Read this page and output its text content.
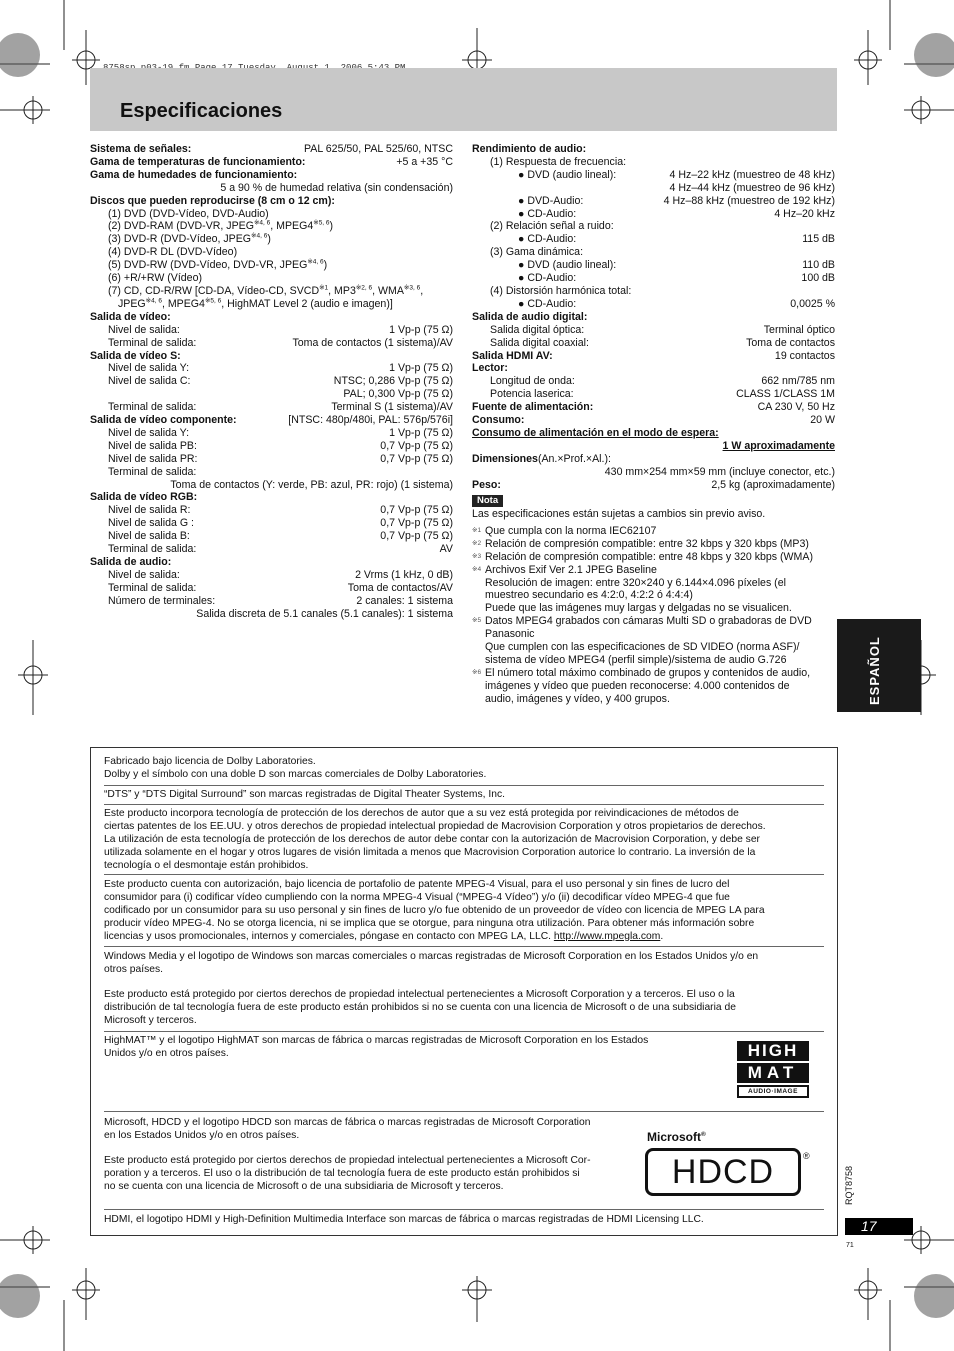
Especificaciones
Sistema de señales:	PAL 625/50, PAL 525/60, NTSC
Gama de temperaturas de funcionamiento:	+5 a +35 °C
Gama de humedades de funcionamiento:
5 a 90 % de humedad relativa (sin condensación)
Discos que pueden reproducirse (8 cm o 12 cm):
(1) DVD (DVD-Vídeo, DVD-Audio)
(2) DVD-RAM (DVD-VR, JPEG$^{※4, 6}$, MPEG4$^{※5, 6}$)
(3) DVD-R (DVD-Vídeo, JPEG$^{※4, 6}$)
(4) DVD-R DL (DVD-Vídeo)
(5) DVD-RW (DVD-Vídeo, DVD-VR, JPEG$^{※4, 6}$)
(6) +R/+RW (Vídeo)
(7) CD, CD-R/RW [CD-DA, Vídeo-CD, SVCD$^{※1}$, MP3$^{※2, 6}$, WMA$^{※3, 6}$,
JPEG$^{※4, 6}$, MPEG4$^{※5, 6}$, HighMAT Level 2 (audio e imagen)]
Salida de vídeo:
Nivel de salida:	1 Vp-p (75 Ω)
Terminal de salida:	Toma de contactos (1 sistema)/AV
Salida de vídeo S:
Nivel de salida Y:	1 Vp-p (75 Ω)
Nivel de salida C:	NTSC; 0,286 Vp-p (75 Ω)
PAL; 0,300 Vp-p (75 Ω)
Terminal de salida:	Terminal S (1 sistema)/AV
Salida de vídeo componente:	[NTSC: 480p/480i, PAL: 576p/576i]
Nivel de salida Y:	1 Vp-p (75 Ω)
Nivel de salida PB:	0,7 Vp-p (75 Ω)
Nivel de salida PR:	0,7 Vp-p (75 Ω)
Terminal de salida:
Toma de contactos (Y: verde, PB: azul, PR: rojo) (1 sistema)
Salida de vídeo RGB:
Nivel de salida R:	0,7 Vp-p (75 Ω)
Nivel de salida G :	0,7 Vp-p (75 Ω)
Nivel de salida B:	0,7 Vp-p (75 Ω)
Terminal de salida:	AV
Salida de audio:
Nivel de salida:	2 Vrms (1 kHz, 0 dB)
Terminal de salida:	Toma de contactos/AV
Número de terminales:	2 canales: 1 sistema
Salida discreta de 5.1 canales (5.1 canales): 1 sistema
Rendimiento de audio:
(1) Respuesta de frecuencia:
● DVD (audio lineal):	4 Hz–22 kHz (muestreo de 48 kHz)
4 Hz–44 kHz (muestreo de 96 kHz)
● DVD-Audio:	4 Hz–88 kHz (muestreo de 192 kHz)
● CD-Audio:	4 Hz–20 kHz
(2) Relación señal a ruido:
● CD-Audio:	115 dB
(3) Gama dinámica:
● DVD (audio lineal):	110 dB
● CD-Audio:	100 dB
(4) Distorsión harmónica total:
● CD-Audio:	0,0025 %
Salida de audio digital:
Salida digital óptica:	Terminal óptico
Salida digital coaxial:	Toma de contactos
Salida HDMI AV:	19 contactos
Lector:
Longitud de onda:	662 nm/785 nm
Potencia laserica:	CLASS 1/CLASS 1M
Fuente de alimentación:	CA 230 V, 50 Hz
Consumo:	20 W
Consumo de alimentación en el modo de espera:
1 W aproximadamente
Dimensiones (An.×Prof.×Al.):
430 mm×254 mm×59 mm (incluye conector, etc.)
Peso:	2,5 kg (aproximadamente)
Nota
Las especificaciones están sujetas a cambios sin previo aviso.
※1 Que cumpla con la norma IEC62107
※2 Relación de compresión compatible: entre 32 kbps y 320 kbps (MP3)
※3 Relación de compresión compatible: entre 48 kbps y 320 kbps (WMA)
※4 Archivos Exif Ver 2.1 JPEG Baseline
Resolución de imagen: entre 320×240 y 6.144×4.096 píxeles (el
muestreo secundario es 4:2:0, 4:2:2 ó 4:4:4)
Puede que las imágenes muy largas y delgadas no se visualicen.
※5 Datos MPEG4 grabados con cámaras Multi SD o grabadoras de DVD
Panasonic
Que cumplen con las especificaciones de SD VIDEO (norma ASF)/
sistema de vídeo MPEG4 (perfil simple)/sistema de audio G.726
※6 El número total máximo combinado de grupos y contenidos de audio,
imágenes y vídeo que pueden reconocerse: 4.000 contenidos de
audio, imágenes y vídeo, y 400 grupos.	ESPAÑOL
Fabricado bajo licencia de Dolby Laboratories.
Dolby y el símbolo con una doble D son marcas comerciales de Dolby Laboratories.
“DTS” y “DTS Digital Surround” son marcas registradas de Digital Theater Systems, Inc.
Este producto incorpora tecnología de protección de los derechos de autor que a su vez está protegida por reivindicaciones de métodos de
ciertas patentes de los EE.UU. y otros derechos de propiedad intelectual propiedad de Macrovision Corporation y otros propietarios de derechos.
La utilización de esta tecnología de protección de los derechos de autor debe contar con la autorización de Macrovision Corporation, y debe ser
utilizada solamente en el hogar y otros lugares de visión limitada a menos que Macrovision Corporation autorice lo contrario. La inversión de la
tecnología o el desmontaje están prohibidos.
Este producto cuenta con autorización, bajo licencia de portafolio de patente MPEG-4 Visual, para el uso personal y sin fines de lucro del
consumidor para (i) codificar vídeo cumpliendo con la norma MPEG-4 Visual (“MPEG-4 Vídeo”) y/o (ii) decodificar vídeo MPEG-4 que fue
codificado por un consumidor para su uso personal y sin fines de lucro y/o fue obtenido de un proveedor de vídeo con licencia de MPEG LA para
producir vídeo MPEG-4. No se otorga licencia, ni se implica que se otorgue, para ninguna otra utilización. Para obtener más información sobre
licencias y usos promocionales, internos y comerciales, póngase en contacto con MPEG LA, LLC. http://www.mpegla.com.
Windows Media y el logotipo de Windows son marcas comerciales o marcas registradas de Microsoft Corporation en los Estados Unidos y/o en
otros países.
Este producto está protegido por ciertos derechos de propiedad intelectual pertenecientes a Microsoft Corporation y a terceros. El uso o la
distribución de tal tecnología fuera de este producto están prohibidos si no se cuenta con una licencia de Microsoft o de una subsidiaria de
Microsoft y terceros.
HighMAT™ y el logotipo HighMAT son marcas de fábrica o marcas registradas de Microsoft Corporation en los Estados
Unidos y/o en otros países.	HIGH
MAT
AUDIO·IMAGE
Microsoft, HDCD y el logotipo HDCD son marcas de fábrica o marcas registradas de Microsoft Corporation
en los Estados Unidos y/o en otros países.
Este producto está protegido por ciertos derechos de propiedad intelectual pertenecientes a Microsoft Cor-
poration y a terceros. El uso o la distribución de tal tecnología fuera de este producto están prohibidos si
no se cuenta con una licencia de Microsoft o de una subsidiaria de Microsoft y terceros.
Microsoft®
HDCD	®
HDMI, el logotipo HDMI y High-Definition Multimedia Interface son marcas de fábrica o marcas registradas de HDMI Licensing LLC.
RQT8758
17
71
